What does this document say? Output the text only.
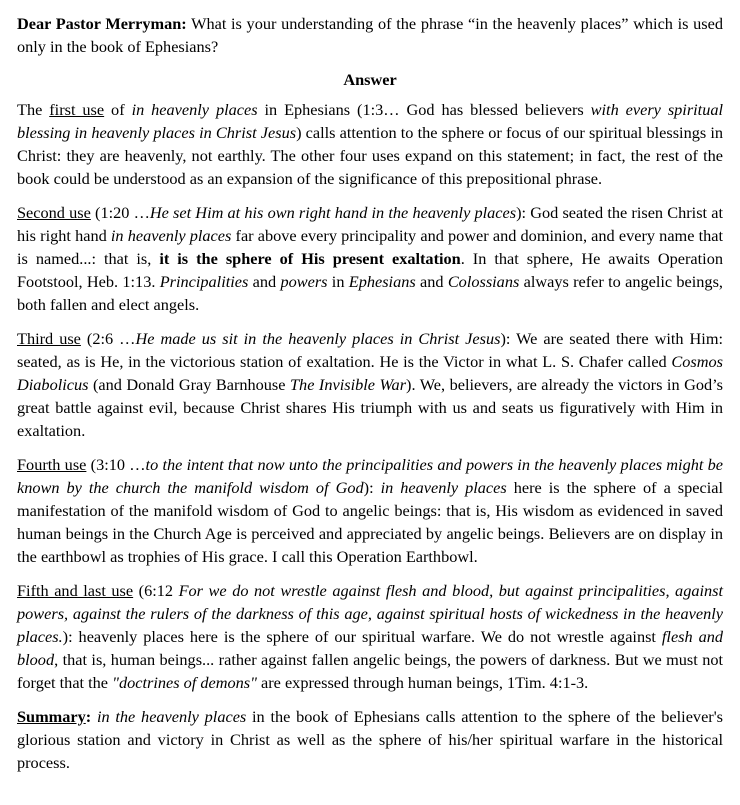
Dear Pastor Merryman: What is your understanding of the phrase “in the heavenly places” which is used only in the book of Ephesians?

Answer

The first use of in heavenly places in Ephesians (1:3… God has blessed believers with every spiritual blessing in heavenly places in Christ Jesus) calls attention to the sphere or focus of our spiritual blessings in Christ: they are heavenly, not earthly. The other four uses expand on this statement; in fact, the rest of the book could be understood as an expansion of the significance of this prepositional phrase.

Second use (1:20 …He set Him at his own right hand in the heavenly places): God seated the risen Christ at his right hand in heavenly places far above every principality and power and dominion, and every name that is named...: that is, it is the sphere of His present exaltation. In that sphere, He awaits Operation Footstool, Heb. 1:13. Principalities and powers in Ephesians and Colossians always refer to angelic beings, both fallen and elect angels.

Third use (2:6 …He made us sit in the heavenly places in Christ Jesus): We are seated there with Him: seated, as is He, in the victorious station of exaltation. He is the Victor in what L. S. Chafer called Cosmos Diabolicus (and Donald Gray Barnhouse The Invisible War). We, believers, are already the victors in God’s great battle against evil, because Christ shares His triumph with us and seats us figuratively with Him in exaltation.

Fourth use (3:10 …to the intent that now unto the principalities and powers in the heavenly places might be known by the church the manifold wisdom of God): in heavenly places here is the sphere of a special manifestation of the manifold wisdom of God to angelic beings: that is, His wisdom as evidenced in saved human beings in the Church Age is perceived and appreciated by angelic beings. Believers are on display in the earthbowl as trophies of His grace. I call this Operation Earthbowl.

Fifth and last use (6:12 For we do not wrestle against flesh and blood, but against principalities, against powers, against the rulers of the darkness of this age, against spiritual hosts of wickedness in the heavenly places.): heavenly places here is the sphere of our spiritual warfare. We do not wrestle against flesh and blood, that is, human beings... rather against fallen angelic beings, the powers of darkness. But we must not forget that the "doctrines of demons" are expressed through human beings, 1Tim. 4:1-3.

Summary: in the heavenly places in the book of Ephesians calls attention to the sphere of the believer's glorious station and victory in Christ as well as the sphere of his/her spiritual warfare in the historical process.
